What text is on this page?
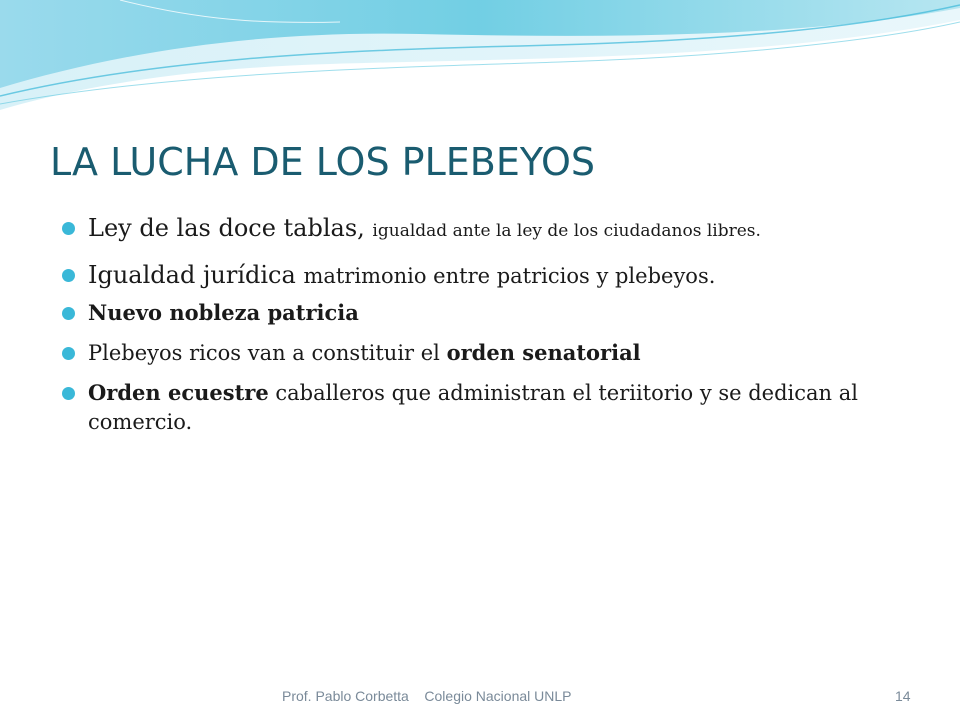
LA LUCHA DE LOS PLEBEYOS
Ley de las doce tablas, igualdad ante la ley de los ciudadanos libres.
Igualdad jurídica matrimonio entre patricios y plebeyos.
Nuevo nobleza patricia
Plebeyos ricos van a constituir el orden senatorial
Orden ecuestre caballeros que administran el teriitorio y se dedican al comercio.
Prof. Pablo Corbetta    Colegio Nacional UNLP	14
